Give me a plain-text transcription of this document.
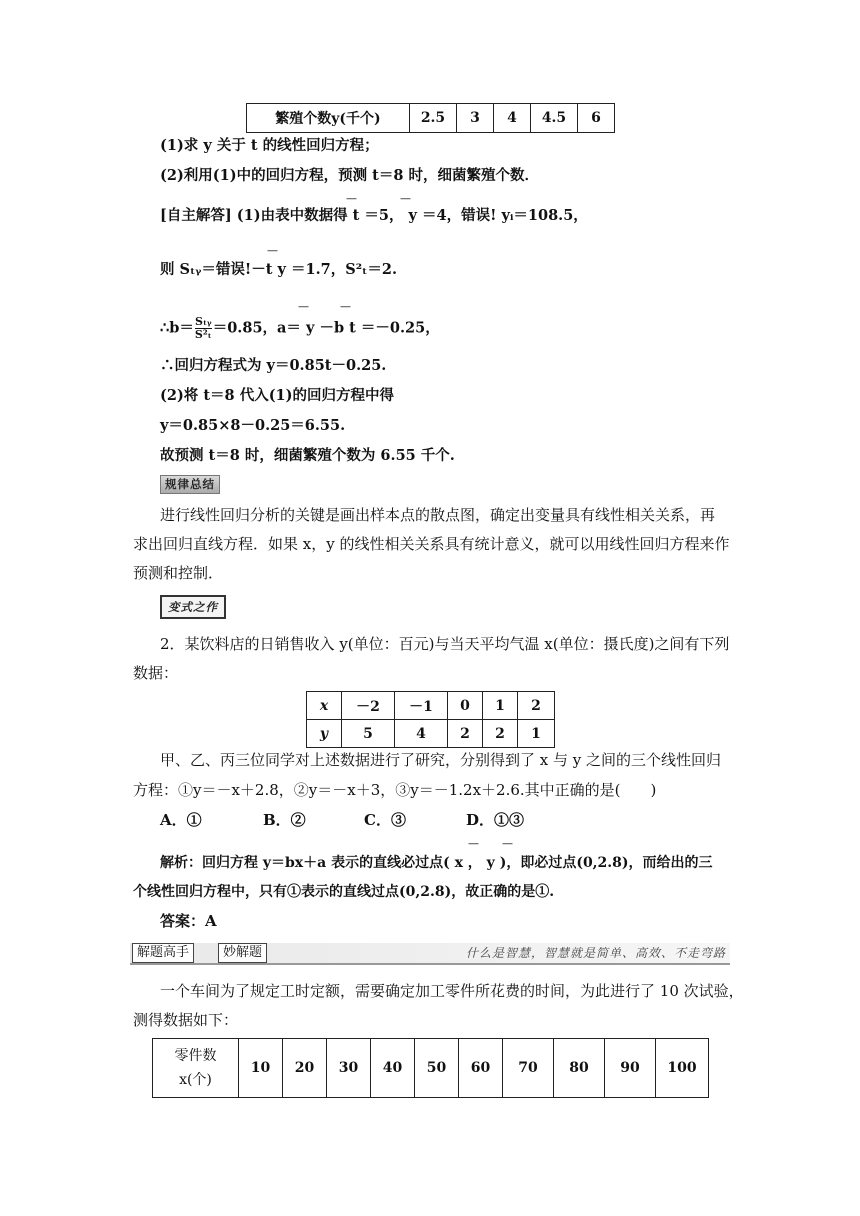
繁殖个数y(千个)	2.5	3	4	4.5	6
(1)求 y 关于 t 的线性回归方程；
(2)利用(1)中的回归方程，预测 t＝8 时，细菌繁殖个数．
[自主解答] (1)由表中数据得 t ＝5， y ＝4，错误! yᵢ＝108.5，
—	—
—
则 Sₜᵧ＝错误!－t y ＝1.7，S²ₜ＝2.
—	—
∴b＝ Sₜᵧ
S²ₜ ＝0.85，a＝ y －b t ＝－0.25，
∴回归方程式为 y＝0.85t－0.25.
(2)将 t＝8 代入(1)的回归方程中得
y＝0.85×8－0.25＝6.55.
故预测 t＝8 时，细菌繁殖个数为 6.55 千个.
规律总结
进行线性回归分析的关键是画出样本点的散点图，确定出变量具有线性相关关系，再
求出回归直线方程．如果 x，y 的线性相关关系具有统计意义，就可以用线性回归方程来作
预测和控制．
变式之作
2．某饮料店的日销售收入 y(单位：百元)与当天平均气温 x(单位：摄氏度)之间有下列
数据：
x	－2	－1	0	1	2
y	5	4	2	2	1
甲、乙、丙三位同学对上述数据进行了研究，分别得到了 x 与 y 之间的三个线性回归
方程：①y＝－x＋2.8，②y＝－x＋3，③y＝－1.2x＋2.6.其中正确的是(　　)
A．①	B．②	C．③	D．①③
— —
解析：回归方程 y＝bx＋a 表示的直线必过点( x ， y )，即必过点(0,2.8)，而给出的三
个线性回归方程中，只有①表示的直线过点(0,2.8)，故正确的是①.
答案：A
解题高手	妙解题	什么是智慧，智慧就是简单、高效、不走弯路
一个车间为了规定工时定额，需要确定加工零件所花费的时间，为此进行了 10 次试验，
测得数据如下：
零件数
x(个)
	10	20	30	40	50	60	70	80	90	100
